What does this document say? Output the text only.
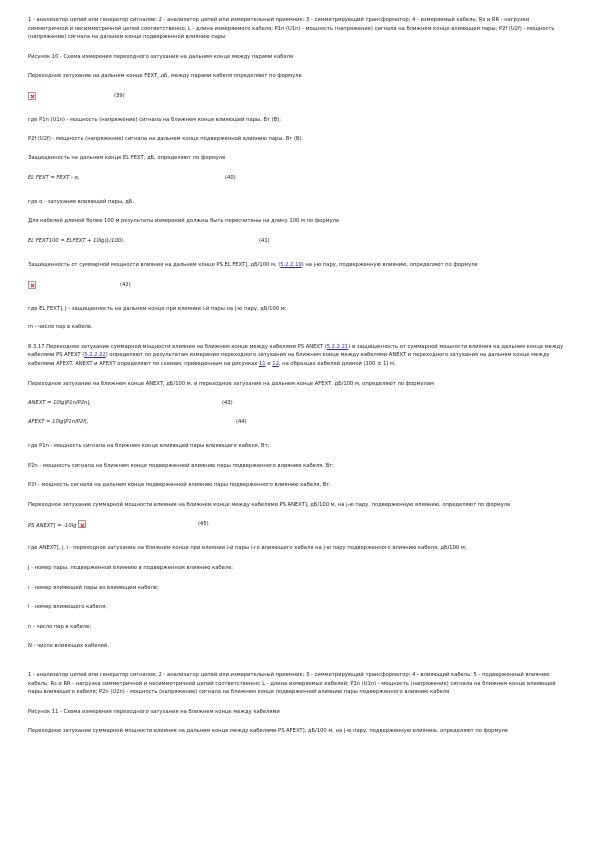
1 - анализатор цепей или генератор сигналов; 2 - анализатор цепей или измерительный приемник; 3 - симметрирующий трансформатор; 4 - измеряемый кабель; Rs и RR - нагрузки симметричной и несимметричной цепей соответственно; L - длина измеряемого кабеля; P1n (U1n) - мощность (напряжение) сигнала на ближнем конце влияющей пары; P2f (U2f) - мощность (напряжение) сигнала на дальнем конце подверженной влиянию пары

Рисунок 10 - Схема измерения переходного затухания на дальнем конце между парами кабеля

Переходное затухание на дальнем конце FEXT, дБ, между парами кабеля определяют по формуле

(39)

где P1n (U1n) - мощность (напряжение) сигнала на ближнем конце влияющей пары, Вт (В);

P2f (U2f) - мощность (напряжение) сигнала на дальнем конце подверженной влиянию пары, Вт (В).

Защищенность на дальнем конце EL FEXT, дБ, определяют по формуле

EL FEXT = FEXT - α,	(40)

где α - затухание влияющей пары, дБ.

Для кабелей длиной более 100 м результаты измерений должны быть пересчитаны на длину 100 м по формуле

EL FEXT100 = ELFEXT + 10lg(L/100).	(41)

Защищенность от суммарной мощности влияния на дальнем конце PS EL FEXT], дБ/100 м, (5.2.2.19) на j-ю пару, подверженную влиянию, определяют по формуле

(42)

где EL FEXT], j - защищенность на дальнем конце при влиянии i-й пары на j-ю пару, дБ/100 м;

m - число пар в кабеле.

8.3.17 Переходное затухание суммарной мощности влияния на ближнем конце между кабелями PS ANEXT (5.2.2.21) и защищенность от суммарной мощности влияния на дальнем конце между кабелями PS AFEXT (5.2.2.22) определяют по результатам измерения переходного затухания на ближнем конце между кабелями ANEXT и переходного затухания на дальнем конце между кабелями AFEXT. ANEXT и AFEXT определяют по схемам, приведенным на рисунках 11 и 12, на образцах кабелей длиной (100 ± 1) м.

Переходное затухание на ближнем конце ANEXT, дБ/100 м, и переходное затухание на дальнем конце AFEXT, дБ/100 м, определяют по формулам

ANEXT = 10lg|P1n/P2n|;	(43)
AFEXT = 10lg|P1n/P2f|,	(44)

где P1n - мощность сигнала на ближнем конце влияющей пары влияющего кабеля, Вт;

P2n - мощность сигнала на ближнем конце подверженной влиянию пары подверженного влиянию кабеля, Вт;

P2f - мощность сигнала на дальнем конце подверженной влиянию пары подверженного влиянию кабеля, Вт.

Переходное затухание суммарной мощности влияния на ближнем конце между кабелями PS ANEXT], дБ/100 м, на j-ю пару, подверженную влиянию, определяют по формуле

PS ANEXT] = -10lg	(45)

где ANEXT], j, i - переходное затухание на ближнем конце при влиянии i-й пары i-го влияющего кабеля на j-ю пару подверженного влиянию кабеля, дБ/100 м;

j - номер пары, подверженной влиянию в подверженном влиянию кабеле;

i - номер влияющей пары во влияющем кабеле;

l - номер влияющего кабеля;

n - число пар в кабеле;

N - число влияющих кабелей.

1 - анализатор цепей или генератор сигналов; 2 - анализатор цепей или измерительный приемник; 3 - симметрирующий трансформатор; 4 - влияющий кабель; 5 - подверженный влиянию кабель; Rs и RR - нагрузка симметричной и несимметричной цепей соответственно; L - длина измеряемых кабелей; P1n (U1n) - мощность (напряжение) сигнала на ближнем конце влияющей пары влияющего кабеля; P2n (U2n) - мощность (напряжение) сигнала на ближнем конце подверженной влиянию пары подверженного влиянию кабеля

Рисунок 11 - Схема измерения переходного затухания на ближнем конце между кабелями

Переходное затухание суммарной мощности влияния на дальнем конце между кабелями PS AFEXT], дБ/100 м, на j-ю пару, подверженную влиянию, определяют по формуле
